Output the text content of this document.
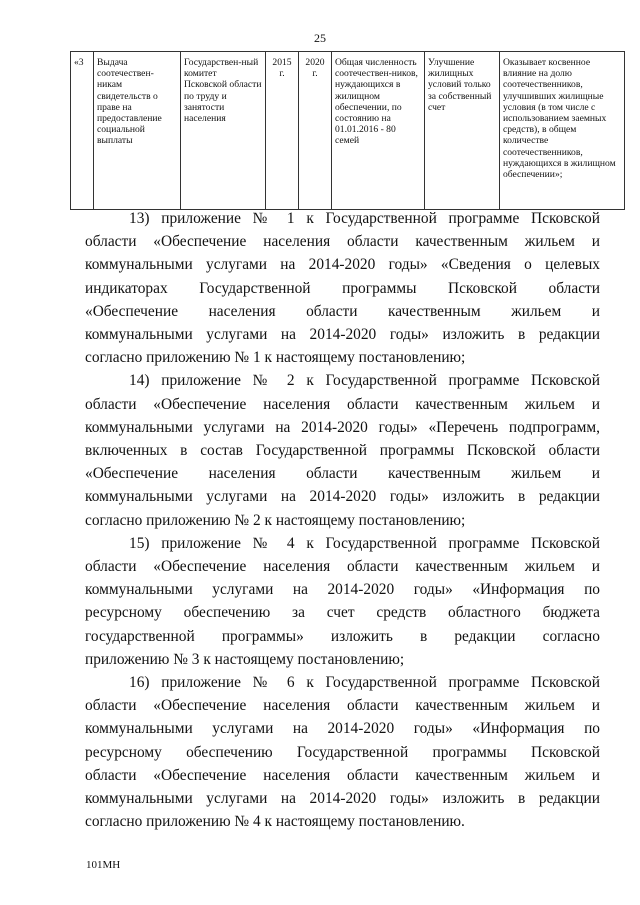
25
«3	Выдача соотечествен-никам свидетельств о праве на предоставление социальной выплаты	Государствен-ный комитет Псковской области по труду и занятости населения	2015 г.	2020 г.	Общая численность соотечествен-ников, нуждающихся в жилищном обеспечении, по состоянию на 01.01.2016 - 80 семей	Улучшение жилищных условий только за собственный счет	Оказывает косвенное влияние на долю соотечественников, улучшивших жилищные условия (в том числе с использованием заемных средств), в общем количестве соотечественников, нуждающихся в жилищном обеспечении»;
13) приложение № 1 к Государственной программе Псковской
области «Обеспечение населения области качественным жильем и
коммунальными услугами на 2014-2020 годы» «Сведения о целевых
индикаторах Государственной программы Псковской области
«Обеспечение населения области качественным жильем и
коммунальными услугами на 2014-2020 годы» изложить в редакции
согласно приложению № 1 к настоящему постановлению;
14) приложение № 2 к Государственной программе Псковской
области «Обеспечение населения области качественным жильем и
коммунальными услугами на 2014-2020 годы» «Перечень подпрограмм,
включенных в состав Государственной программы Псковской области
«Обеспечение населения области качественным жильем и
коммунальными услугами на 2014-2020 годы» изложить в редакции
согласно приложению № 2 к настоящему постановлению;
15) приложение № 4 к Государственной программе Псковской
области «Обеспечение населения области качественным жильем и
коммунальными услугами на 2014-2020 годы» «Информация по
ресурсному обеспечению за счет средств областного бюджета
государственной программы» изложить в редакции согласно
приложению № 3 к настоящему постановлению;
16) приложение № 6 к Государственной программе Псковской
области «Обеспечение населения области качественным жильем и
коммунальными услугами на 2014-2020 годы» «Информация по
ресурсному обеспечению Государственной программы Псковской
области «Обеспечение населения области качественным жильем и
коммунальными услугами на 2014-2020 годы» изложить в редакции
согласно приложению № 4 к настоящему постановлению.
101МН
